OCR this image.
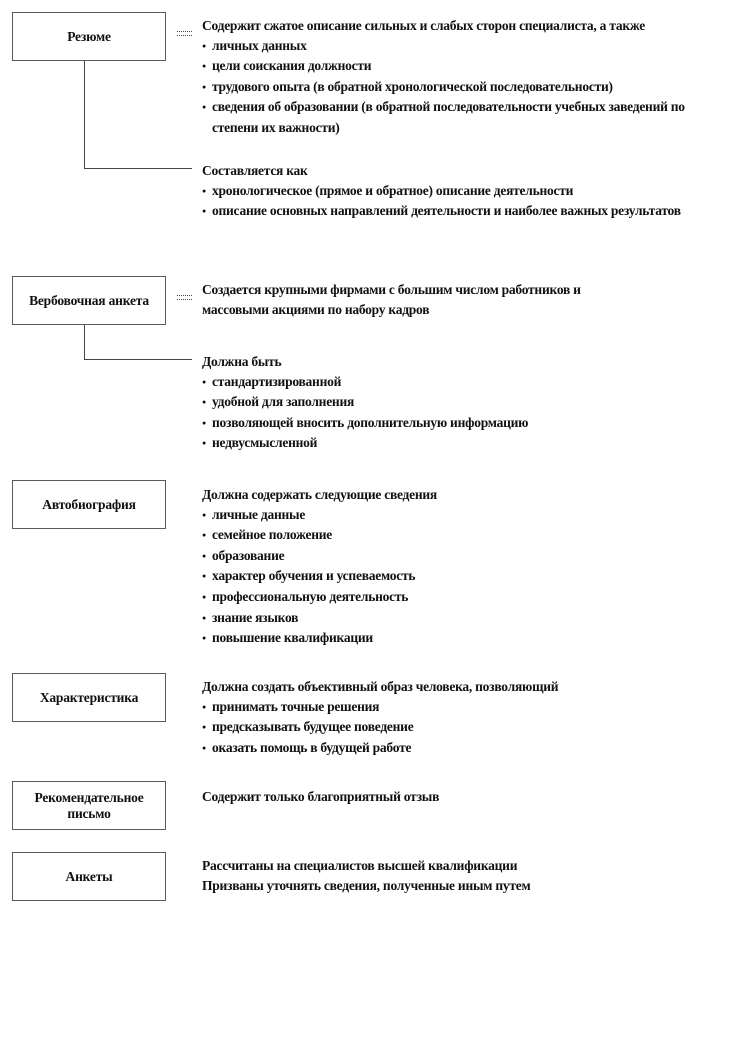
Резюме
Содержит сжатое описание сильных и слабых сторон специалиста, а также
● личных данных
● цели соискания должности
● трудового опыта (в обратной хронологической последовательности)
● сведения об образовании (в обратной последовательности учебных заведений по степени их важности)
Составляется как
● хронологическое (прямое и обратное) описание деятельности
● описание основных направлений деятельности и наиболее важных результатов
Вербовочная анкета
Создается крупными фирмами с большим числом работников и
массовыми акциями по набору кадров
Должна быть
● стандартизированной
● удобной для заполнения
● позволяющей вносить дополнительную информацию
● недвусмысленной
Автобиография
Должна содержать следующие сведения
● личные данные
● семейное положение
● образование
● характер обучения и успеваемость
● профессиональную деятельность
● знание языков
● повышение квалификации
Характеристика
Должна создать объективный образ человека, позволяющий
● принимать точные решения
● предсказывать будущее поведение
● оказать помощь в будущей работе
Рекомендательное письмо
Содержит только благоприятный отзыв
Анкеты
Рассчитаны на специалистов высшей квалификации
Призваны уточнять сведения, полученные иным путем
